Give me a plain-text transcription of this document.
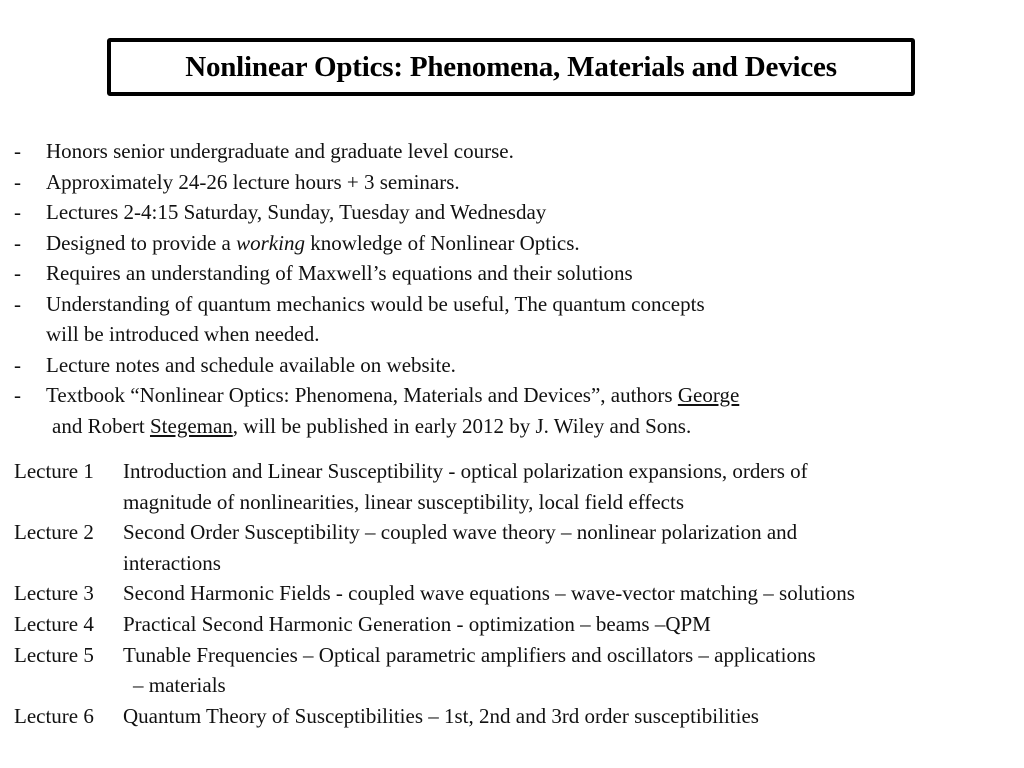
Nonlinear Optics: Phenomena, Materials and Devices
- Honors senior undergraduate and graduate level course.
- Approximately 24-26 lecture hours + 3 seminars.
- Lectures 2-4:15 Saturday, Sunday, Tuesday and Wednesday
- Designed to provide a working knowledge of Nonlinear Optics.
- Requires an understanding of Maxwell’s equations and their solutions
- Understanding of quantum mechanics would be useful, The quantum concepts
will be introduced when needed.
- Lecture notes and schedule available on website.
- Textbook “Nonlinear Optics: Phenomena, Materials and Devices”, authors George
and Robert Stegeman, will be published in early 2012 by J. Wiley and Sons.
Lecture 1 Introduction and Linear Susceptibility - optical polarization expansions, orders of
magnitude of nonlinearities, linear susceptibility, local field effects
Lecture 2 Second Order Susceptibility – coupled wave theory – nonlinear polarization and
interactions
Lecture 3 Second Harmonic Fields - coupled wave equations – wave-vector matching – solutions
Lecture 4 Practical Second Harmonic Generation - optimization – beams –QPM
Lecture 5 Tunable Frequencies – Optical parametric amplifiers and oscillators – applications
– materials
Lecture 6 Quantum Theory of Susceptibilities – 1st, 2nd and 3rd order susceptibilities
